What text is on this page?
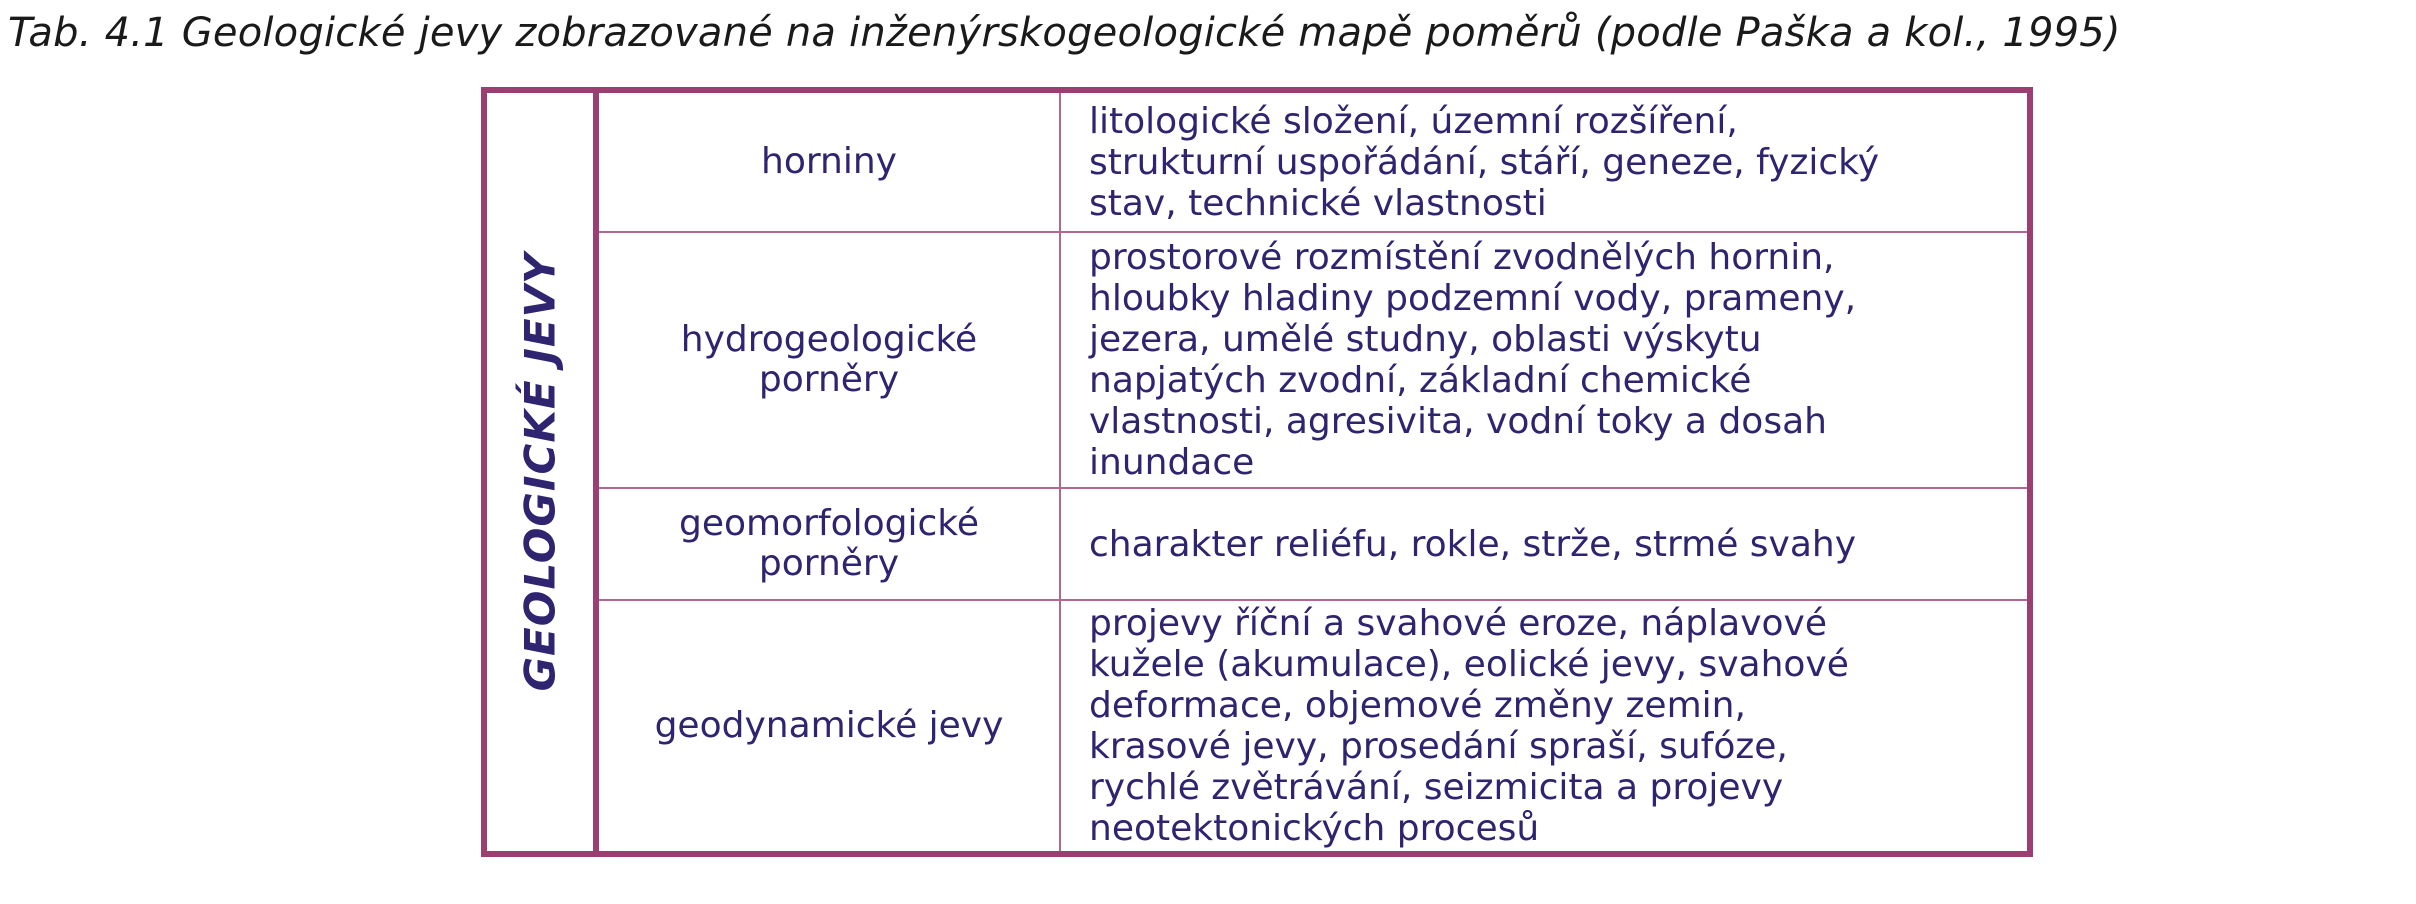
Tab. 4.1 Geologické jevy zobrazované na inženýrskogeologické mapě poměrů (podle Paška a kol., 1995)
GEOLOGICKÉ JEVY
horniny
litologické složení, územní rozšíření,
strukturní uspořádání, stáří, geneze, fyzický
stav, technické vlastnosti
hydrogeologické
porněry
prostorové rozmístění zvodnělých hornin,
hloubky hladiny podzemní vody, prameny,
jezera, umělé studny, oblasti výskytu
napjatých zvodní, základní chemické
vlastnosti, agresivita, vodní toky a dosah
inundace
geomorfologické
porněry	charakter reliéfu, rokle, strže, strmé svahy
geodynamické jevy
projevy říční a svahové eroze, náplavové
kužele (akumulace), eolické jevy, svahové
deformace, objemové změny zemin,
krasové jevy, prosedání spraší, sufóze,
rychlé zvětrávání, seizmicita a projevy
neotektonických procesů
